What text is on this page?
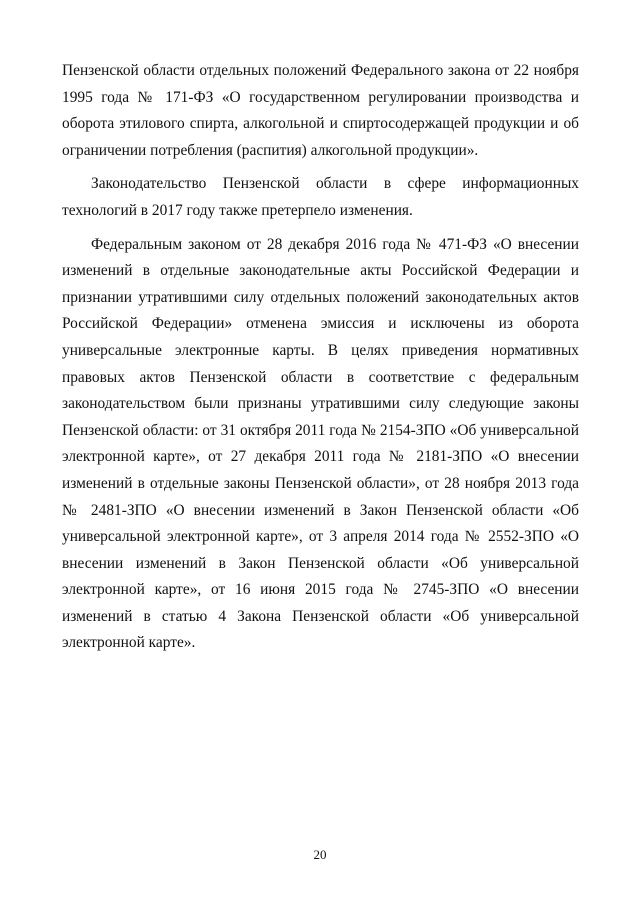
Пензенской области отдельных положений Федерального закона от 22 ноября 1995 года № 171-ФЗ «О государственном регулировании производства и оборота этилового спирта, алкогольной и спиртосодержащей продукции и об ограничении потребления (распития) алкогольной продукции».

Законодательство Пензенской области в сфере информационных технологий в 2017 году также претерпело изменения.

Федеральным законом от 28 декабря 2016 года № 471-ФЗ «О внесении изменений в отдельные законодательные акты Российской Федерации и признании утратившими силу отдельных положений законодательных актов Российской Федерации» отменена эмиссия и исключены из оборота универсальные электронные карты. В целях приведения нормативных правовых актов Пензенской области в соответствие с федеральным законодательством были признаны утратившими силу следующие законы Пензенской области: от 31 октября 2011 года № 2154-ЗПО «Об универсальной электронной карте», от 27 декабря 2011 года № 2181-ЗПО «О внесении изменений в отдельные законы Пензенской области», от 28 ноября 2013 года № 2481-ЗПО «О внесении изменений в Закон Пензенской области «Об универсальной электронной карте», от 3 апреля 2014 года № 2552-ЗПО «О внесении изменений в Закон Пензенской области «Об универсальной электронной карте», от 16 июня 2015 года № 2745-ЗПО «О внесении изменений в статью 4 Закона Пензенской области «Об универсальной электронной карте».

20
